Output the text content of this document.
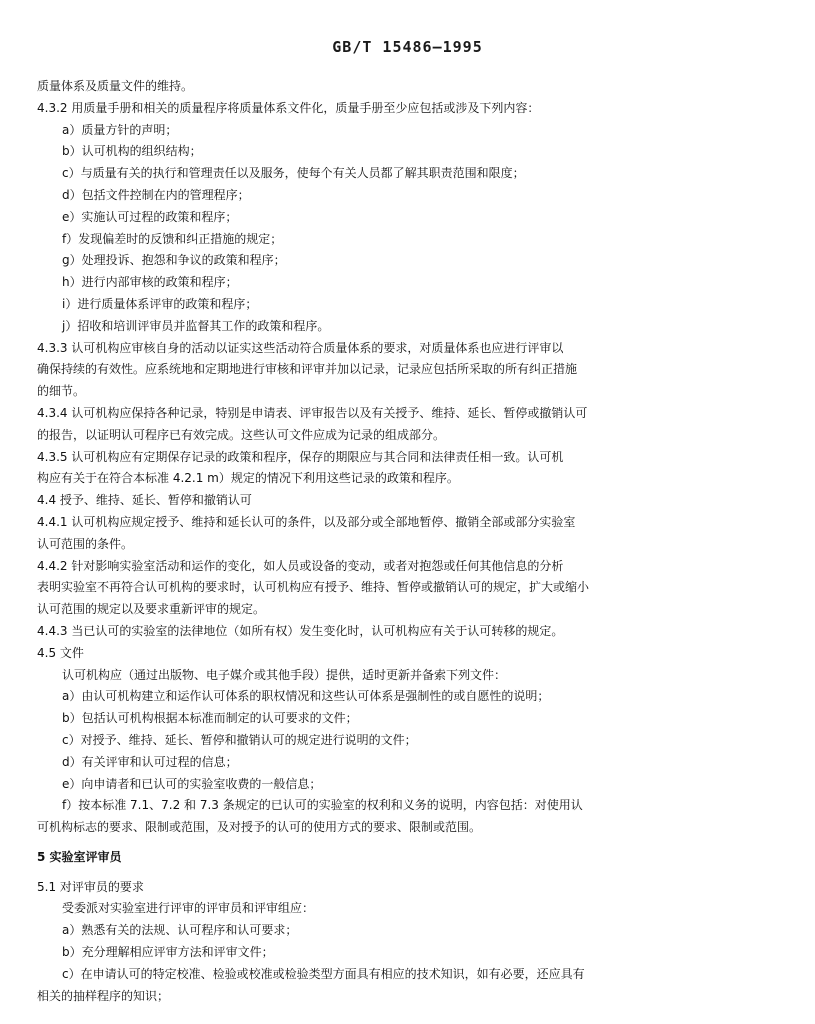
GB/T 15486—1995
质量体系及质量文件的维持。
4.3.2 用质量手册和相关的质量程序将质量体系文件化，质量手册至少应包括或涉及下列内容：
a）质量方针的声明；
b）认可机构的组织结构；
c）与质量有关的执行和管理责任以及服务，使每个有关人员都了解其职责范围和限度；
d）包括文件控制在内的管理程序；
e）实施认可过程的政策和程序；
f）发现偏差时的反馈和纠正措施的规定；
g）处理投诉、抱怨和争议的政策和程序；
h）进行内部审核的政策和程序；
i）进行质量体系评审的政策和程序；
j）招收和培训评审员并监督其工作的政策和程序。
4.3.3 认可机构应审核自身的活动以证实这些活动符合质量体系的要求，对质量体系也应进行评审以
确保持续的有效性。应系统地和定期地进行审核和评审并加以记录，记录应包括所采取的所有纠正措施
的细节。
4.3.4 认可机构应保持各种记录，特别是申请表、评审报告以及有关授予、维持、延长、暂停或撤销认可
的报告，以证明认可程序已有效完成。这些认可文件应成为记录的组成部分。
4.3.5 认可机构应有定期保存记录的政策和程序，保存的期限应与其合同和法律责任相一致。认可机
构应有关于在符合本标准 4.2.1 m）规定的情况下利用这些记录的政策和程序。
4.4 授予、维持、延长、暂停和撤销认可
4.4.1 认可机构应规定授予、维持和延长认可的条件，以及部分或全部地暂停、撤销全部或部分实验室
认可范围的条件。
4.4.2 针对影响实验室活动和运作的变化，如人员或设备的变动，或者对抱怨或任何其他信息的分析
表明实验室不再符合认可机构的要求时，认可机构应有授予、维持、暂停或撤销认可的规定，扩大或缩小
认可范围的规定以及要求重新评审的规定。
4.4.3 当已认可的实验室的法律地位（如所有权）发生变化时，认可机构应有关于认可转移的规定。
4.5 文件
认可机构应（通过出版物、电子媒介或其他手段）提供，适时更新并备索下列文件：
a）由认可机构建立和运作认可体系的职权情况和这些认可体系是强制性的或自愿性的说明；
b）包括认可机构根据本标准而制定的认可要求的文件；
c）对授予、维持、延长、暂停和撤销认可的规定进行说明的文件；
d）有关评审和认可过程的信息；
e）向申请者和已认可的实验室收费的一般信息；
f）按本标准 7.1、7.2 和 7.3 条规定的已认可的实验室的权利和义务的说明，内容包括：对使用认
可机构标志的要求、限制或范围，及对授予的认可的使用方式的要求、限制或范围。
5 实验室评审员
5.1 对评审员的要求
受委派对实验室进行评审的评审员和评审组应：
a）熟悉有关的法规、认可程序和认可要求；
b）充分理解相应评审方法和评审文件；
c）在申请认可的特定校准、检验或校准或检验类型方面具有相应的技术知识，如有必要，还应具有
相关的抽样程序的知识；
